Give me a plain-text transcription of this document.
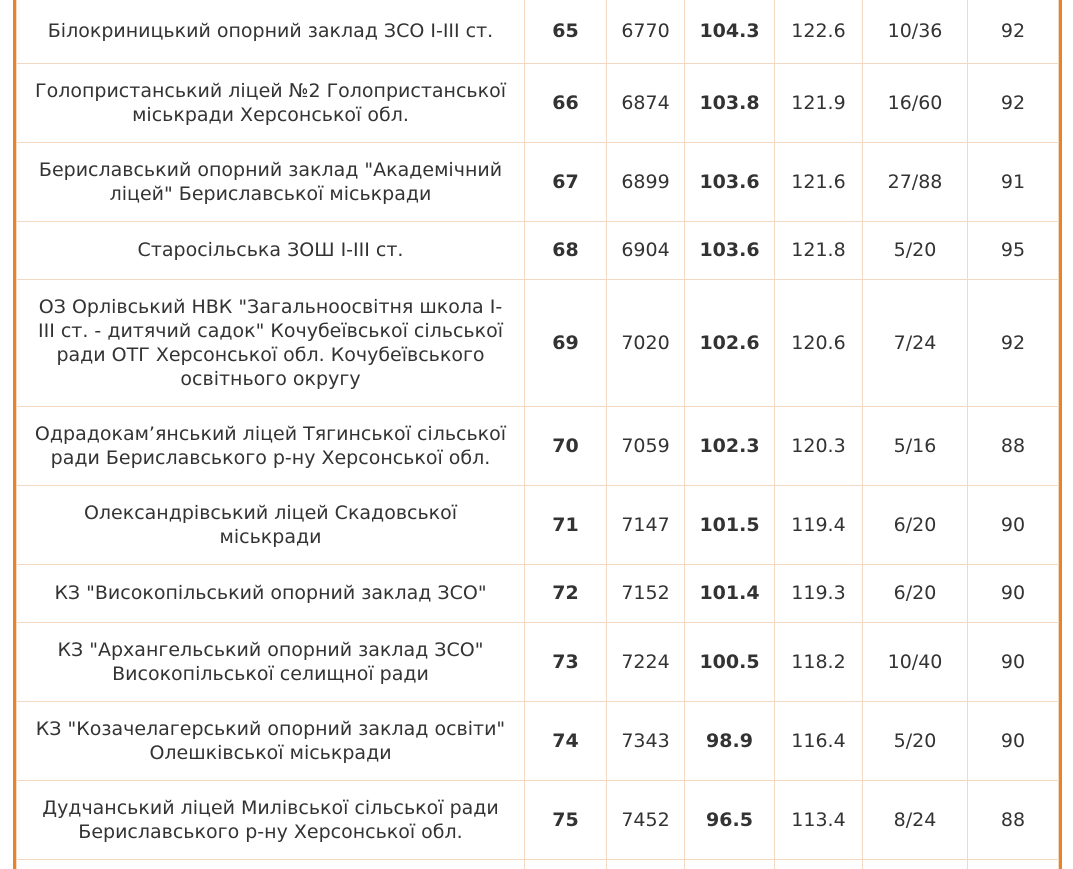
Білокриницький опорний заклад ЗСО І-ІІІ ст.	65	6770	104.3	122.6	10/36	92
Голопристанський ліцей №2 Голопристанської міськради Херсонської обл.	66	6874	103.8	121.9	16/60	92
Бериславський опорний заклад "Академічний ліцей" Бериславської міськради	67	6899	103.6	121.6	27/88	91
Старосільська ЗОШ І-ІІІ ст.	68	6904	103.6	121.8	5/20	95
ОЗ Орлівський НВК "Загальноосвітня школа І-ІІІ ст. - дитячий садок" Кочубеївської сільської ради ОТГ Херсонської обл. Кочубеївського освітнього округу	69	7020	102.6	120.6	7/24	92
Одрадокам’янський ліцей Тягинської сільської ради Бериславського р-ну Херсонської обл.	70	7059	102.3	120.3	5/16	88
Олександрівський ліцей Скадовської міськради	71	7147	101.5	119.4	6/20	90
КЗ "Високопільський опорний заклад ЗСО"	72	7152	101.4	119.3	6/20	90
КЗ "Архангельський опорний заклад ЗСО" Високопільської селищної ради	73	7224	100.5	118.2	10/40	90
КЗ "Козачелагерський опорний заклад освіти" Олешківської міськради	74	7343	98.9	116.4	5/20	90
Дудчанський ліцей Милівської сільської ради Бериславського р-ну Херсонської обл.	75	7452	96.5	113.4	8/24	88
